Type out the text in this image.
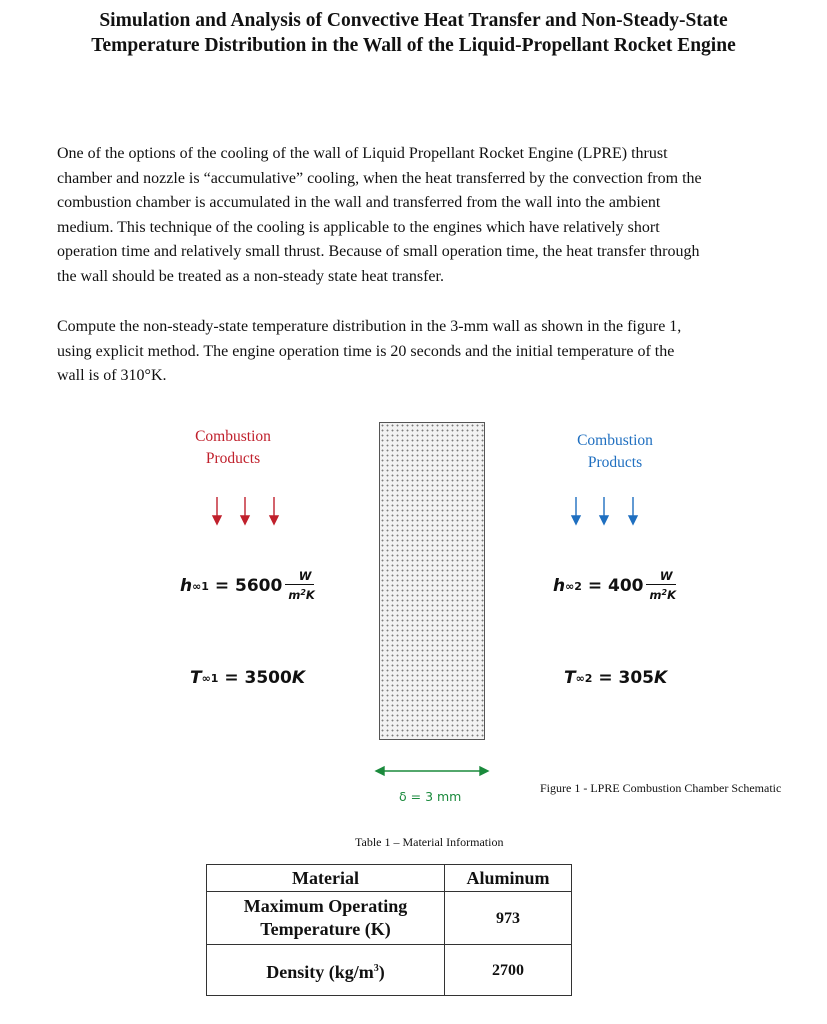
Simulation and Analysis of Convective Heat Transfer and Non-Steady-State
Temperature Distribution in the Wall of the Liquid-Propellant Rocket Engine
One of the options of the cooling of the wall of Liquid Propellant Rocket Engine (LPRE) thrust
chamber and nozzle is “accumulative” cooling, when the heat transferred by the convection from the
combustion chamber is accumulated in the wall and transferred from the wall into the ambient
medium. This technique of the cooling is applicable to the engines which have relatively short
operation time and relatively small thrust. Because of small operation time, the heat transfer through
the wall should be treated as a non-steady state heat transfer.
Compute the non-steady-state temperature distribution in the 3-mm wall as shown in the figure 1,
using explicit method. The engine operation time is 20 seconds and the initial temperature of the
wall is of 310°K.
Combustion
Products
Combustion
Products
h $\infty 1 = 5600 \frac{W}{m^2K}$	h $\infty 2 = 400 \frac{W}{m^2K}$
T ∞1 = 3500 K	T ∞2 = 305 K
δ = 3 mm
Figure 1 - LPRE Combustion Chamber Schematic
Table 1 – Material Information
Material	Aluminum

Maximum Operating
Temperature (K)	973
Density $(kg/m^3)$	2700
